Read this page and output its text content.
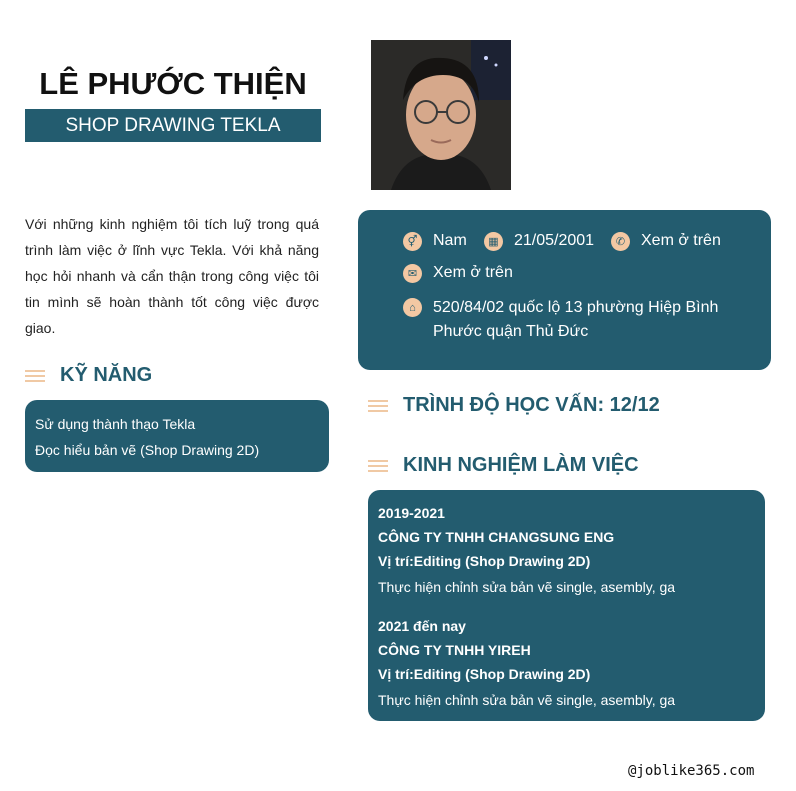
LÊ PHƯỚC THIỆN
SHOP DRAWING TEKLA
Với những kinh nghiệm tôi tích luỹ trong quá trình làm việc ở lĩnh vực Tekla. Với khả năng học hỏi nhanh và cẩn thận trong công việc tôi tin mình sẽ hoàn thành tốt công việc được giao.
KỸ NĂNG
Sử dụng thành thạo Tekla
Đọc hiểu bản vẽ (Shop Drawing 2D)
⚥ Nam	▦ 21/05/2001	✆ Xem ở trên
✉ Xem ở trên
⌂	520/84/02 quốc lộ 13 phường Hiệp Bình Phước quận Thủ Đức
TRÌNH ĐỘ HỌC VẤN: 12/12
KINH NGHIỆM LÀM VIỆC
2019-2021
CÔNG TY TNHH CHANGSUNG ENG
Vị trí:Editing (Shop Drawing 2D)
Thực hiện chỉnh sửa bản vẽ single, asembly, ga
2021 đến nay
CÔNG TY TNHH YIREH
Vị trí:Editing (Shop Drawing 2D)
Thực hiện chỉnh sửa bản vẽ single, asembly, ga
@joblike365.com
